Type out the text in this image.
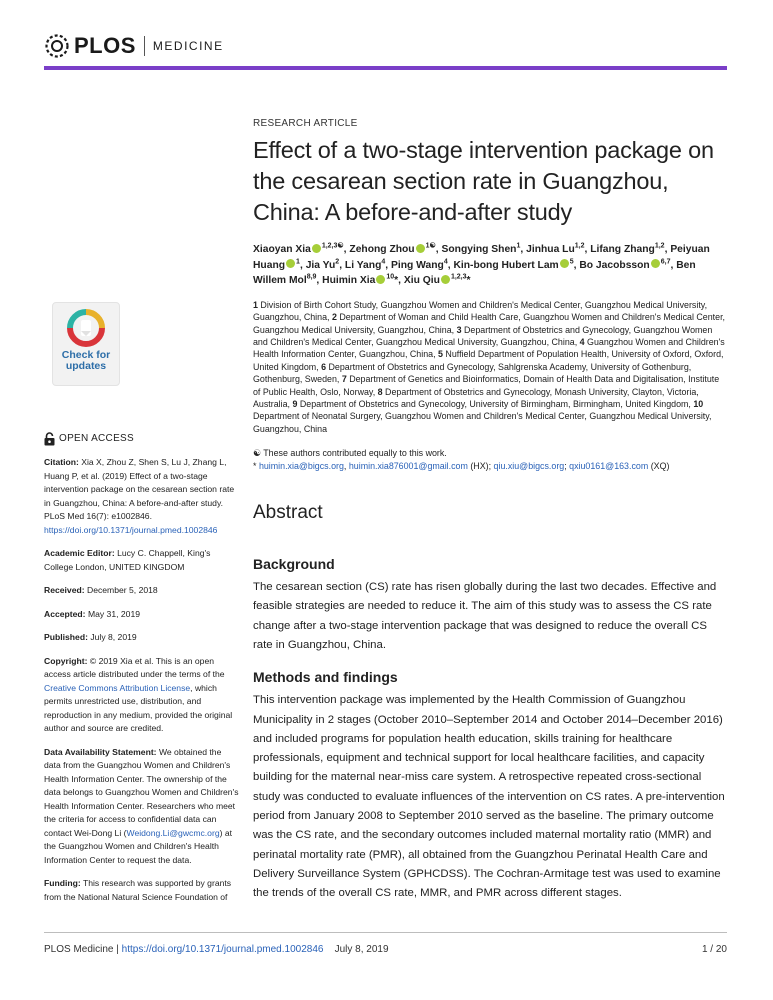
PLOS MEDICINE
Check for updates
OPEN ACCESS
Citation: Xia X, Zhou Z, Shen S, Lu J, Zhang L, Huang P, et al. (2019) Effect of a two-stage intervention package on the cesarean section rate in Guangzhou, China: A before-and-after study. PLoS Med 16(7): e1002846. https://doi.org/10.1371/journal.pmed.1002846
Academic Editor: Lucy C. Chappell, King's College London, UNITED KINGDOM
Received: December 5, 2018
Accepted: May 31, 2019
Published: July 8, 2019
Copyright: © 2019 Xia et al. This is an open access article distributed under the terms of the Creative Commons Attribution License, which permits unrestricted use, distribution, and reproduction in any medium, provided the original author and source are credited.
Data Availability Statement: We obtained the data from the Guangzhou Women and Children's Health Information Center. The ownership of the data belongs to Guangzhou Women and Children's Health Information Center. Researchers who meet the criteria for access to confidential data can contact Wei-Dong Li (Weidong.Li@gwcmc.org) at the Guangzhou Women and Children's Health Information Center to request the data.
Funding: This research was supported by grants from the National Natural Science Foundation of
RESEARCH ARTICLE
Effect of a two-stage intervention package on the cesarean section rate in Guangzhou, China: A before-and-after study
Xiaoyan Xia $^{1,2,3☯}$, Zehong Zhou $^{1☯}$, Songying Shen$^1$, Jinhua Lu$^{1,2}$, Lifang Zhang$^{1,2}$, Peiyuan Huang $^1$, Jia Yu$^2$, Li Yang$^4$, Ping Wang$^4$, Kin-bong Hubert Lam $^5$, Bo Jacobsson $^{6,7}$, Ben Willem Mol$^{8,9}$, Huimin Xia $^{10}$*, Xiu Qiu $^{1,2,3}$*
1 Division of Birth Cohort Study, Guangzhou Women and Children's Medical Center, Guangzhou Medical University, Guangzhou, China, 2 Department of Woman and Child Health Care, Guangzhou Women and Children's Medical Center, Guangzhou Medical University, Guangzhou, China, 3 Department of Obstetrics and Gynecology, Guangzhou Women and Children's Medical Center, Guangzhou Medical University, Guangzhou, China, 4 Guangzhou Women and Children's Health Information Center, Guangzhou, China, 5 Nuffield Department of Population Health, University of Oxford, Oxford, United Kingdom, 6 Department of Obstetrics and Gynecology, Sahlgrenska Academy, University of Gothenburg, Gothenburg, Sweden, 7 Department of Genetics and Bioinformatics, Domain of Health Data and Digitalisation, Institute of Public Health, Oslo, Norway, 8 Department of Obstetrics and Gynecology, Monash University, Clayton, Victoria, Australia, 9 Department of Obstetrics and Gynecology, University of Birmingham, Birmingham, United Kingdom, 10 Department of Neonatal Surgery, Guangzhou Women and Children's Medical Center, Guangzhou Medical University, Guangzhou, China
☯ These authors contributed equally to this work.
* huimin.xia@bigcs.org, huimin.xia876001@gmail.com (HX); qiu.xiu@bigcs.org; qxiu0161@163.com (XQ)
Abstract
Background
The cesarean section (CS) rate has risen globally during the last two decades. Effective and feasible strategies are needed to reduce it. The aim of this study was to assess the CS rate change after a two-stage intervention package that was designed to reduce the overall CS rate in Guangzhou, China.
Methods and findings
This intervention package was implemented by the Health Commission of Guangzhou Municipality in 2 stages (October 2010–September 2014 and October 2014–December 2016) and included programs for population health education, skills training for healthcare professionals, equipment and technical support for local healthcare facilities, and capacity building for the maternal near-miss care system. A retrospective repeated cross-sectional study was conducted to evaluate influences of the intervention on CS rates. A pre-intervention period from January 2008 to September 2010 served as the baseline. The primary outcome was the CS rate, and the secondary outcomes included maternal mortality ratio (MMR) and perinatal mortality rate (PMR), all obtained from the Guangzhou Perinatal Health Care and Delivery Surveillance System (GPHCDSS). The Cochran-Armitage test was used to examine the trends of the overall CS rate, MMR, and PMR across different stages.
PLOS Medicine | https://doi.org/10.1371/journal.pmed.1002846 July 8, 2019	1 / 20
